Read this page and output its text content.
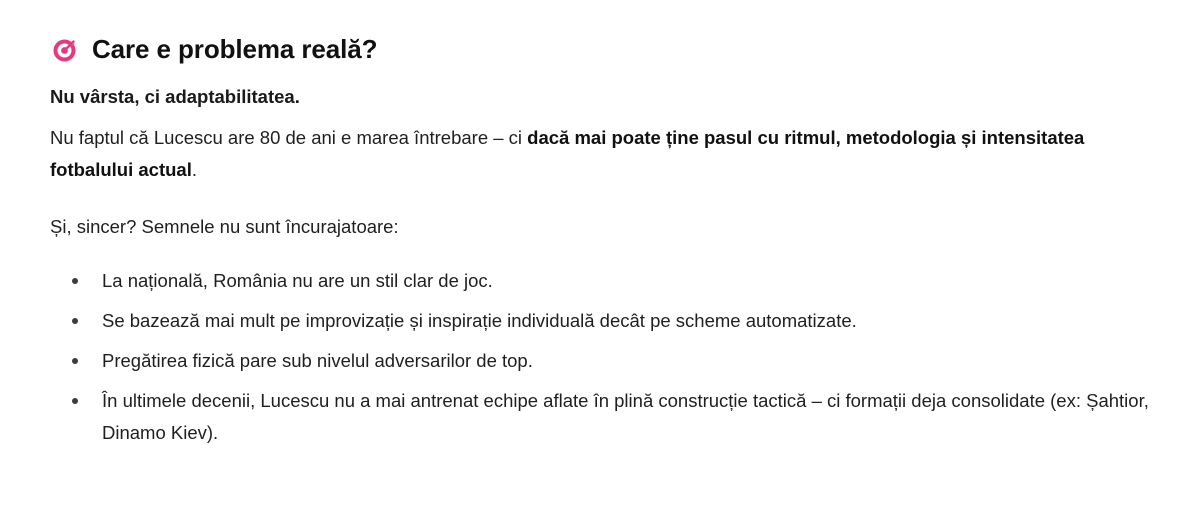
Care e problema reală?

Nu vârsta, ci adaptabilitatea.

Nu faptul că Lucescu are 80 de ani e marea întrebare – ci dacă mai poate ține pasul cu ritmul, metodologia și intensitatea fotbalului actual.

Și, sincer? Semnele nu sunt încurajatoare:

La națională, România nu are un stil clar de joc.
Se bazează mai mult pe improvizație și inspirație individuală decât pe scheme automatizate.
Pregătirea fizică pare sub nivelul adversarilor de top.
În ultimele decenii, Lucescu nu a mai antrenat echipe aflate în plină construcție tactică – ci formații deja consolidate (ex: Șahtior, Dinamo Kiev).
